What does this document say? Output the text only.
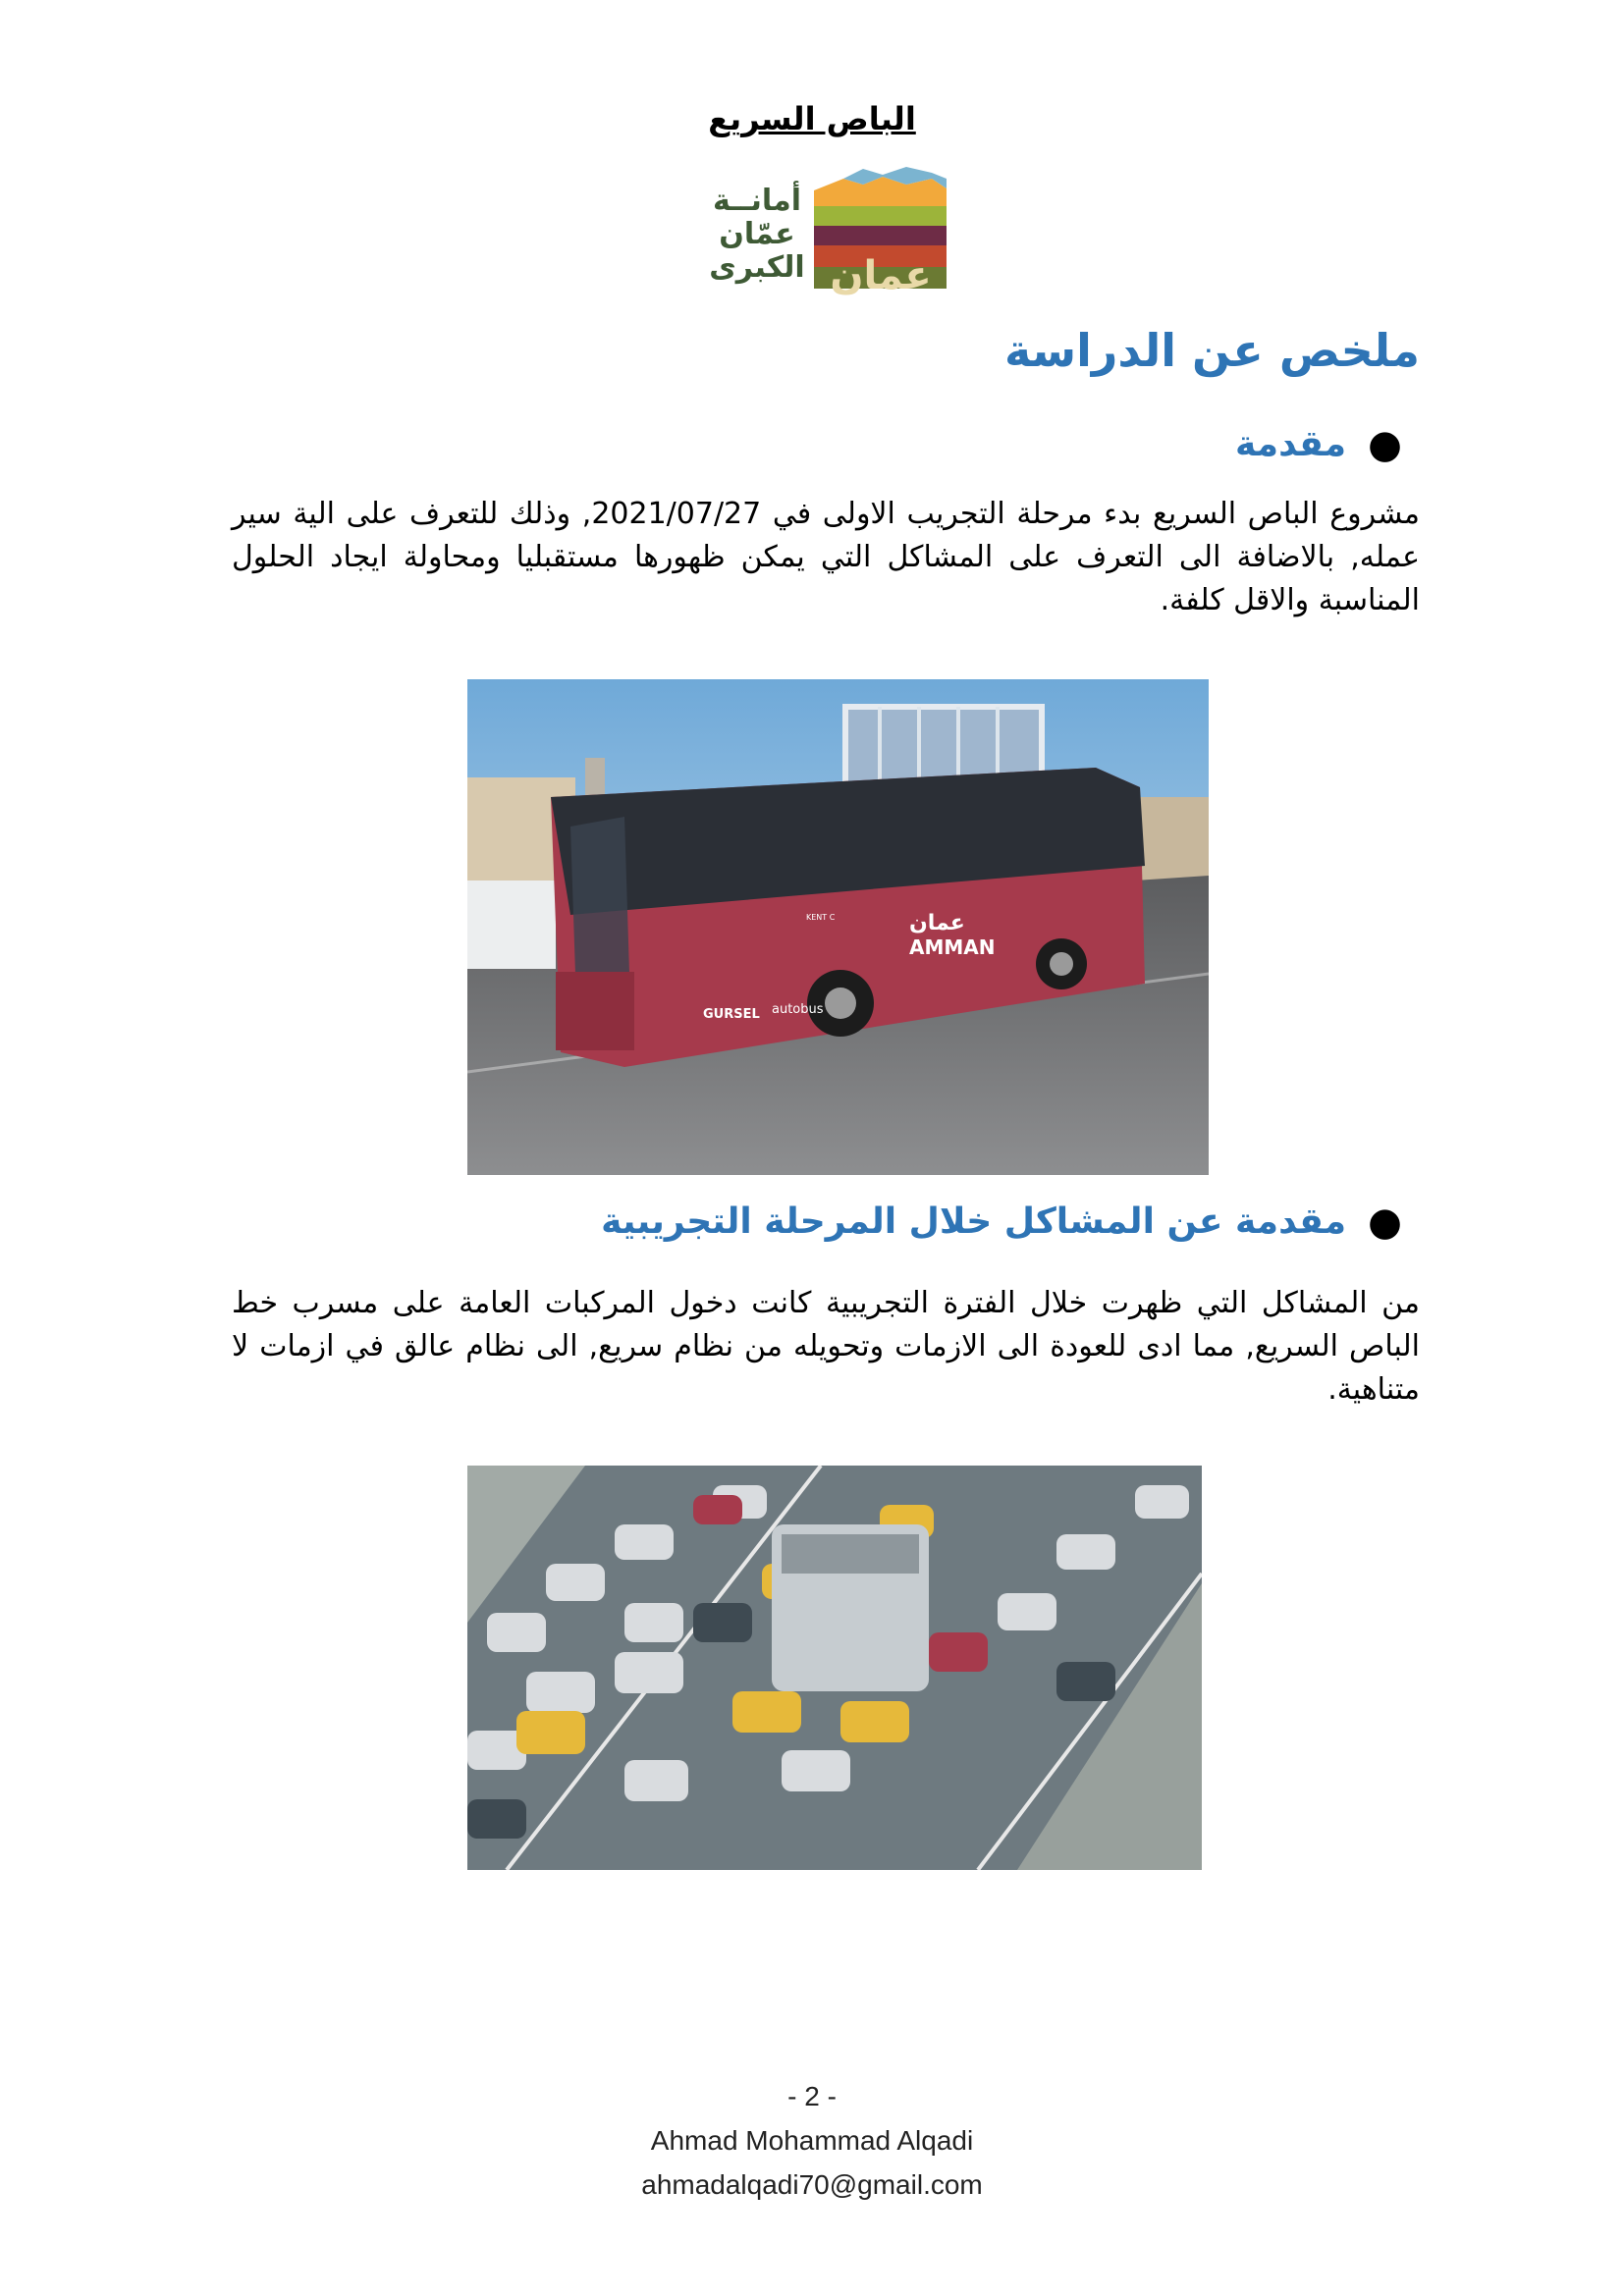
الباص السريع
عمان
أمانــة
عمّان
الكبرى
ملخص عن الدراسة
●
مقدمة
مشروع الباص السريع بدء مرحلة التجريب الاولى في 2021/07/27, وذلك للتعرف على الية سير عمله, بالاضافة الى التعرف على المشاكل التي يمكن ظهورها مستقبليا ومحاولة ايجاد الحلول المناسبة والاقل كلفة.
AMMAN
عمان
GURSEL autobus
KENT C
●
مقدمة عن المشاكل خلال المرحلة التجريبية
من المشاكل التي ظهرت خلال الفترة التجريبية كانت دخول المركبات العامة على مسرب خط الباص السريع, مما ادى للعودة الى الازمات وتحويله من نظام سريع, الى نظام عالق في ازمات لا متناهية.
- 2 -
Ahmad Mohammad Alqadi
ahmadalqadi70@gmail.com
